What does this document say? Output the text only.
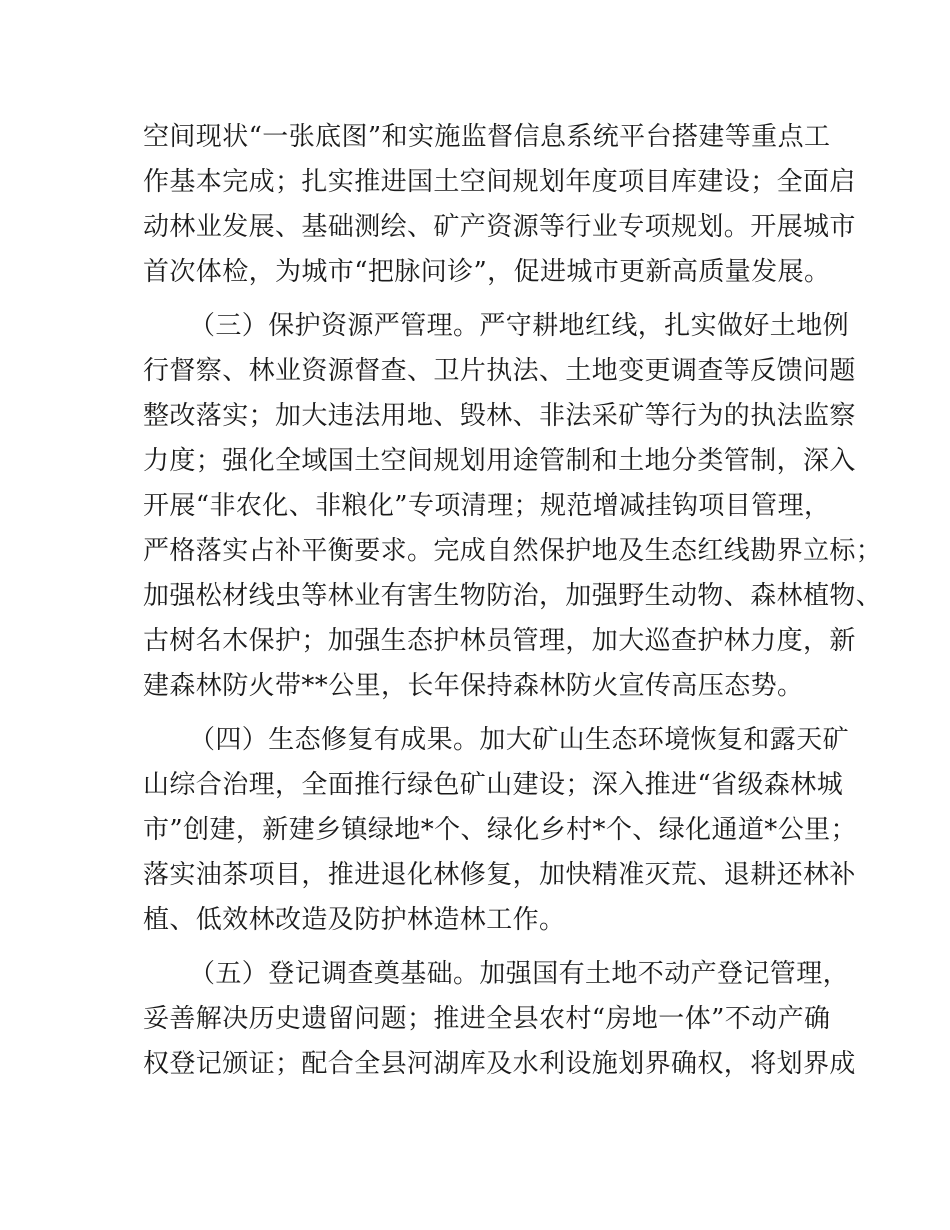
空间现状“一张底图”和实施监督信息系统平台搭建等重点工
作基本完成；扎实推进国土空间规划年度项目库建设；全面启
动林业发展、基础测绘、矿产资源等行业专项规划。开展城市
首次体检，为城市“把脉问诊”，促进城市更新高质量发展。

（三）保护资源严管理。严守耕地红线，扎实做好土地例
行督察、林业资源督查、卫片执法、土地变更调查等反馈问题
整改落实；加大违法用地、毁林、非法采矿等行为的执法监察
力度；强化全域国土空间规划用途管制和土地分类管制，深入
开展“非农化、非粮化”专项清理；规范增减挂钩项目管理，
严格落实占补平衡要求。完成自然保护地及生态红线勘界立标；
加强松材线虫等林业有害生物防治，加强野生动物、森林植物、
古树名木保护；加强生态护林员管理，加大巡查护林力度，新
建森林防火带**公里，长年保持森林防火宣传高压态势。

（四）生态修复有成果。加大矿山生态环境恢复和露天矿
山综合治理，全面推行绿色矿山建设；深入推进“省级森林城
市”创建，新建乡镇绿地*个、绿化乡村*个、绿化通道*公里；
落实油茶项目，推进退化林修复，加快精准灭荒、退耕还林补
植、低效林改造及防护林造林工作。

（五）登记调查奠基础。加强国有土地不动产登记管理，
妥善解决历史遗留问题；推进全县农村“房地一体”不动产确
权登记颁证；配合全县河湖库及水利设施划界确权，将划界成
